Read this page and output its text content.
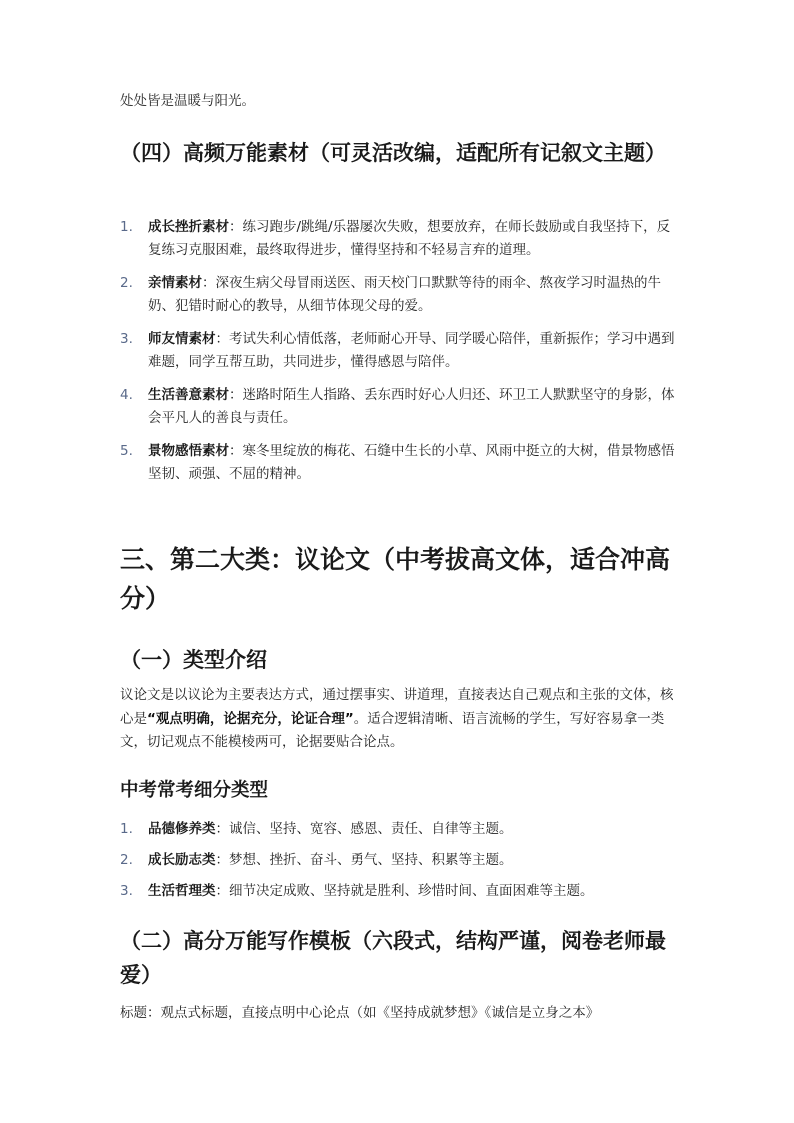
处处皆是温暖与阳光。
（四）高频万能素材（可灵活改编，适配所有记叙文主题）
1. 成长挫折素材：练习跑步/跳绳/乐器屡次失败，想要放弃，在师长鼓励或自我坚持下，反复练习克服困难，最终取得进步，懂得坚持和不轻易言弃的道理。
2. 亲情素材：深夜生病父母冒雨送医、雨天校门口默默等待的雨伞、熬夜学习时温热的牛奶、犯错时耐心的教导，从细节体现父母的爱。
3. 师友情素材：考试失利心情低落，老师耐心开导、同学暖心陪伴，重新振作；学习中遇到难题，同学互帮互助，共同进步，懂得感恩与陪伴。
4. 生活善意素材：迷路时陌生人指路、丢东西时好心人归还、环卫工人默默坚守的身影，体会平凡人的善良与责任。
5. 景物感悟素材：寒冬里绽放的梅花、石缝中生长的小草、风雨中挺立的大树，借景物感悟坚韧、顽强、不屈的精神。
三、第二大类：议论文（中考拔高文体，适合冲高分）
（一）类型介绍
议论文是以议论为主要表达方式，通过摆事实、讲道理，直接表达自己观点和主张的文体，核心是“观点明确，论据充分，论证合理”。适合逻辑清晰、语言流畅的学生，写好容易拿一类文，切记观点不能模棱两可，论据要贴合论点。
中考常考细分类型
1. 品德修养类：诚信、坚持、宽容、感恩、责任、自律等主题。
2. 成长励志类：梦想、挫折、奋斗、勇气、坚持、积累等主题。
3. 生活哲理类：细节决定成败、坚持就是胜利、珍惜时间、直面困难等主题。
（二）高分万能写作模板（六段式，结构严谨，阅卷老师最爱）
标题：观点式标题，直接点明中心论点（如《坚持成就梦想》《诚信是立身之本》
